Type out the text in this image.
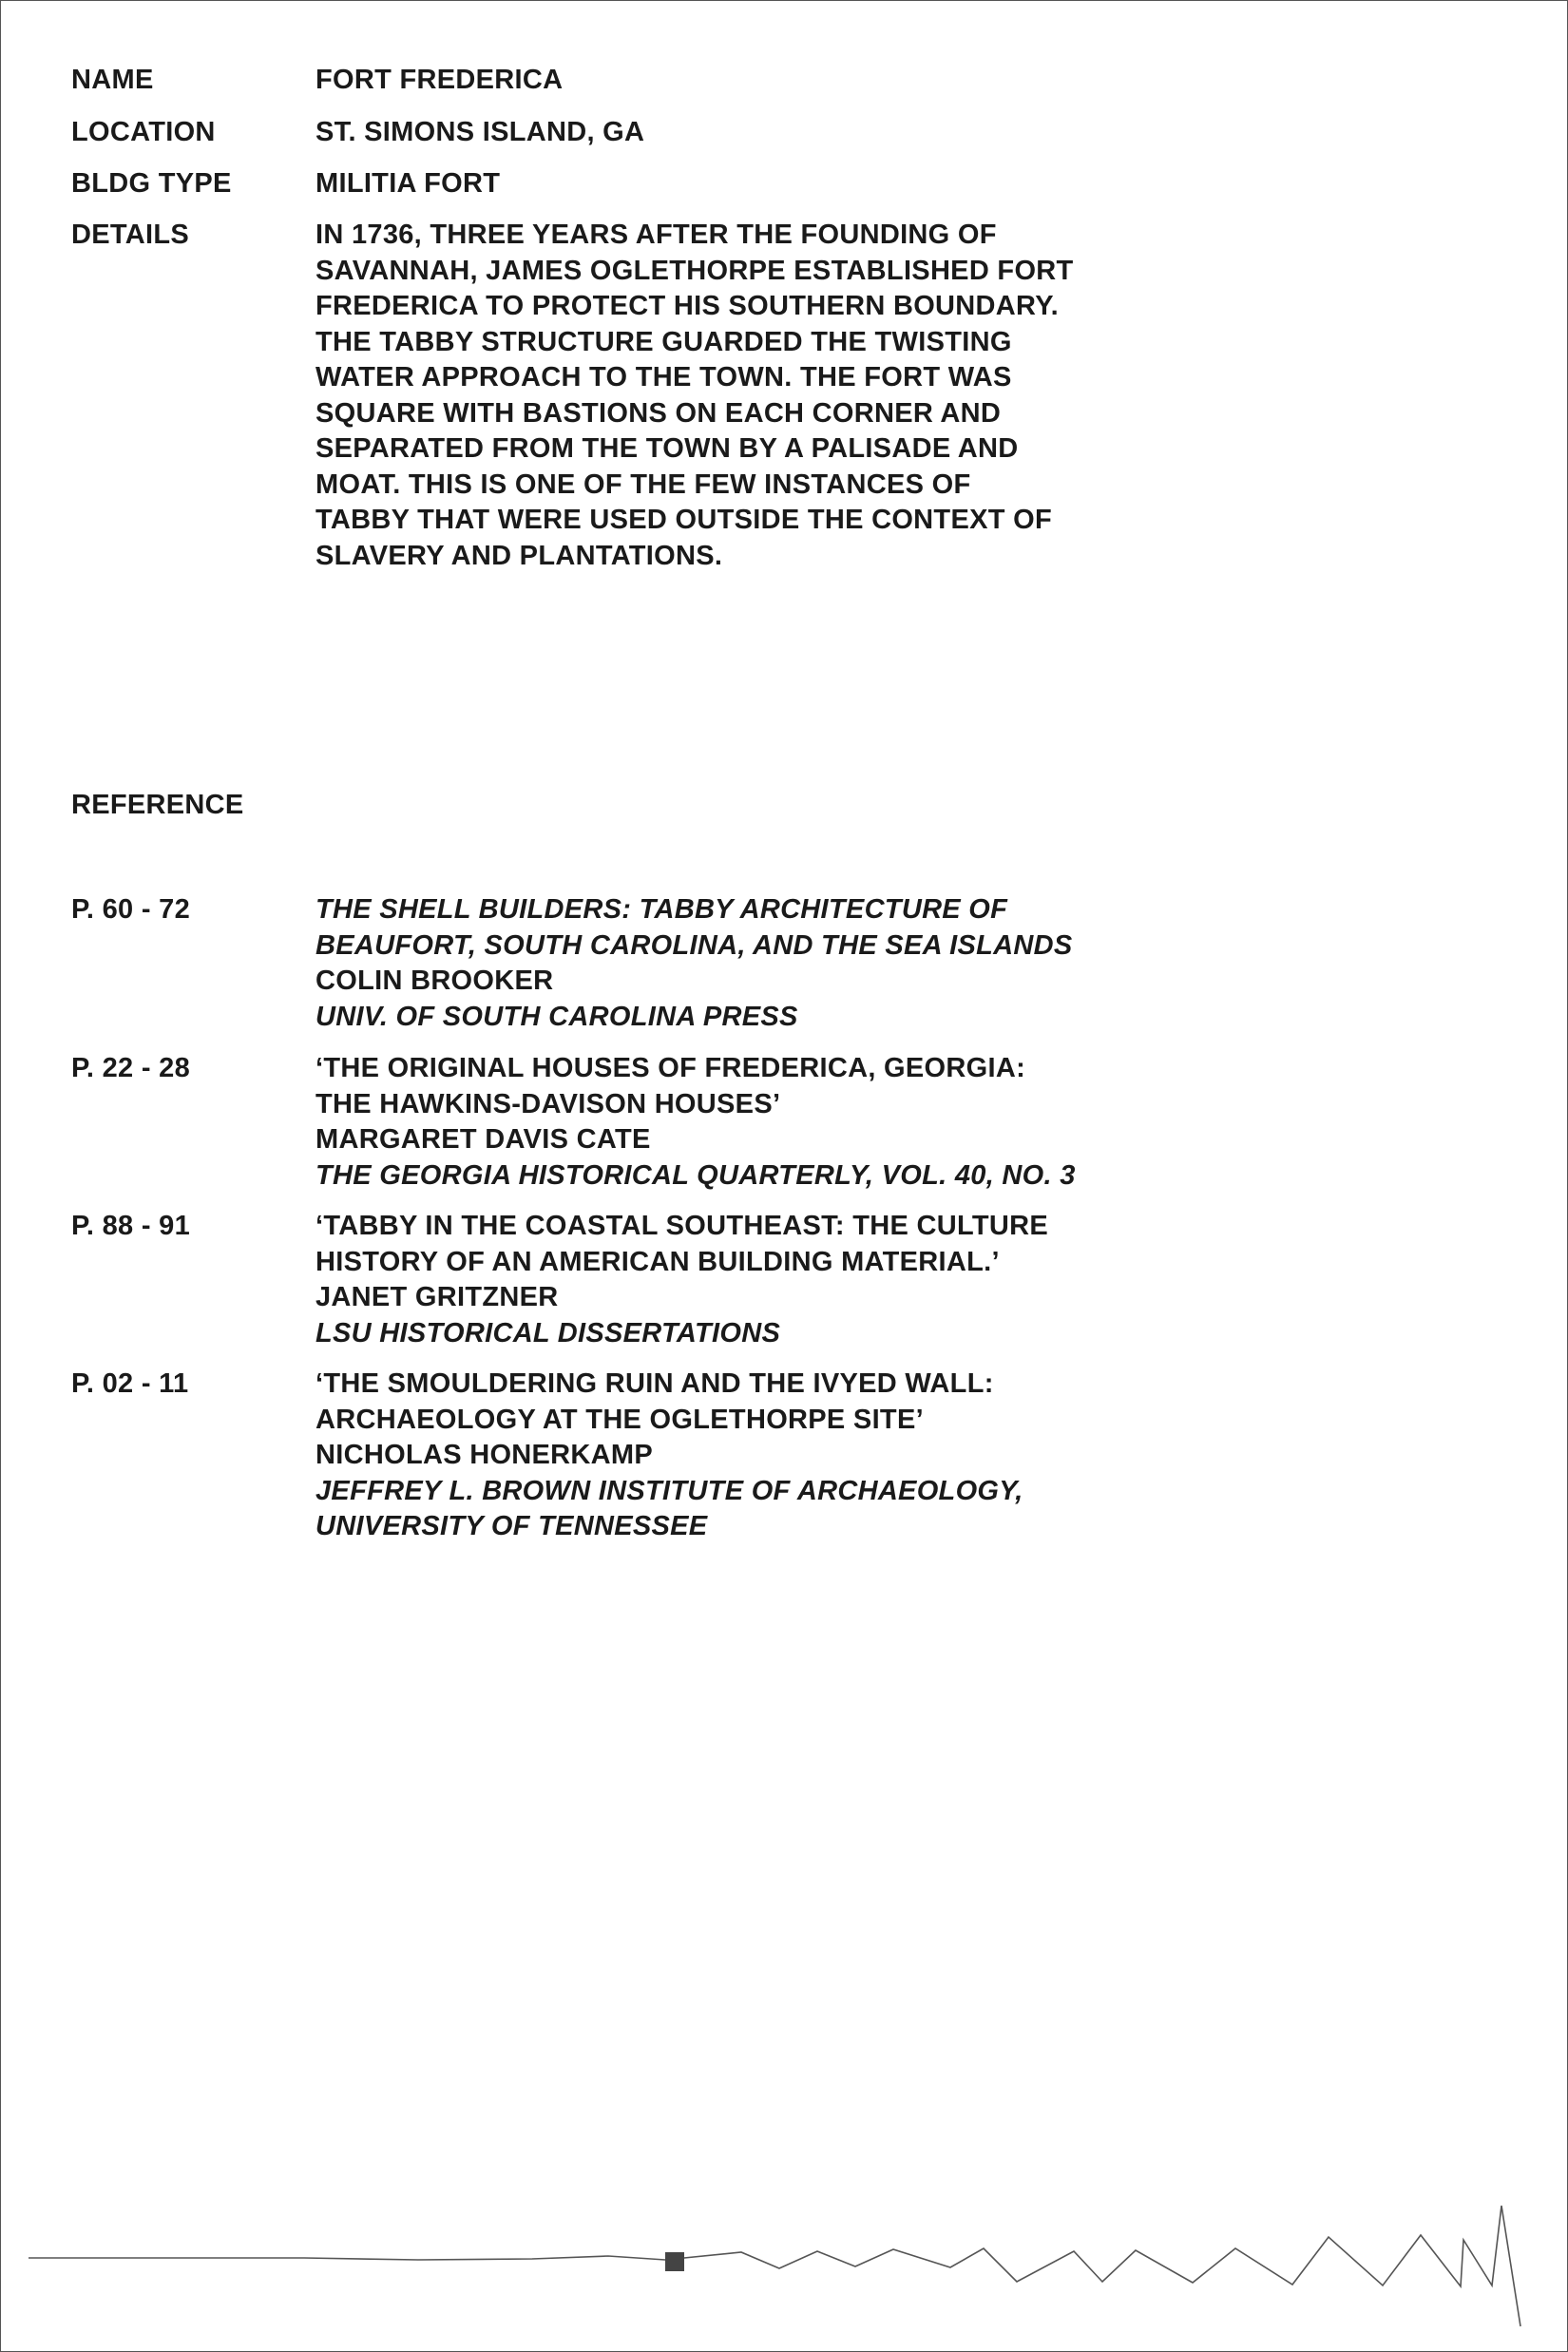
NAME	FORT FREDERICA
LOCATION	ST. SIMONS ISLAND, GA
BLDG TYPE	MILITIA FORT
DETAILS	IN 1736, THREE YEARS AFTER THE FOUNDING OF
SAVANNAH, JAMES OGLETHORPE ESTABLISHED FORT
FREDERICA TO PROTECT HIS SOUTHERN BOUNDARY.
THE TABBY STRUCTURE GUARDED THE TWISTING
WATER APPROACH TO THE TOWN. THE FORT WAS
SQUARE WITH BASTIONS ON EACH CORNER AND
SEPARATED FROM THE TOWN BY A PALISADE AND
MOAT. THIS IS ONE OF THE FEW INSTANCES OF
TABBY THAT WERE USED OUTSIDE THE CONTEXT OF
SLAVERY AND PLANTATIONS.
REFERENCE
P. 60 - 72	THE SHELL BUILDERS: TABBY ARCHITECTURE OF
BEAUFORT, SOUTH CAROLINA, AND THE SEA ISLANDS
COLIN BROOKER
UNIV. OF SOUTH CAROLINA PRESS
P. 22 - 28	‘THE ORIGINAL HOUSES OF FREDERICA, GEORGIA:
THE HAWKINS-DAVISON HOUSES’
MARGARET DAVIS CATE
THE GEORGIA HISTORICAL QUARTERLY, VOL. 40, NO. 3
P. 88 - 91	‘TABBY IN THE COASTAL SOUTHEAST: THE CULTURE
HISTORY OF AN AMERICAN BUILDING MATERIAL.’
JANET GRITZNER
LSU HISTORICAL DISSERTATIONS
P. 02 - 11	‘THE SMOULDERING RUIN AND THE IVYED WALL:
ARCHAEOLOGY AT THE OGLETHORPE SITE’
NICHOLAS HONERKAMP
JEFFREY L. BROWN INSTITUTE OF ARCHAEOLOGY,
UNIVERSITY OF TENNESSEE
